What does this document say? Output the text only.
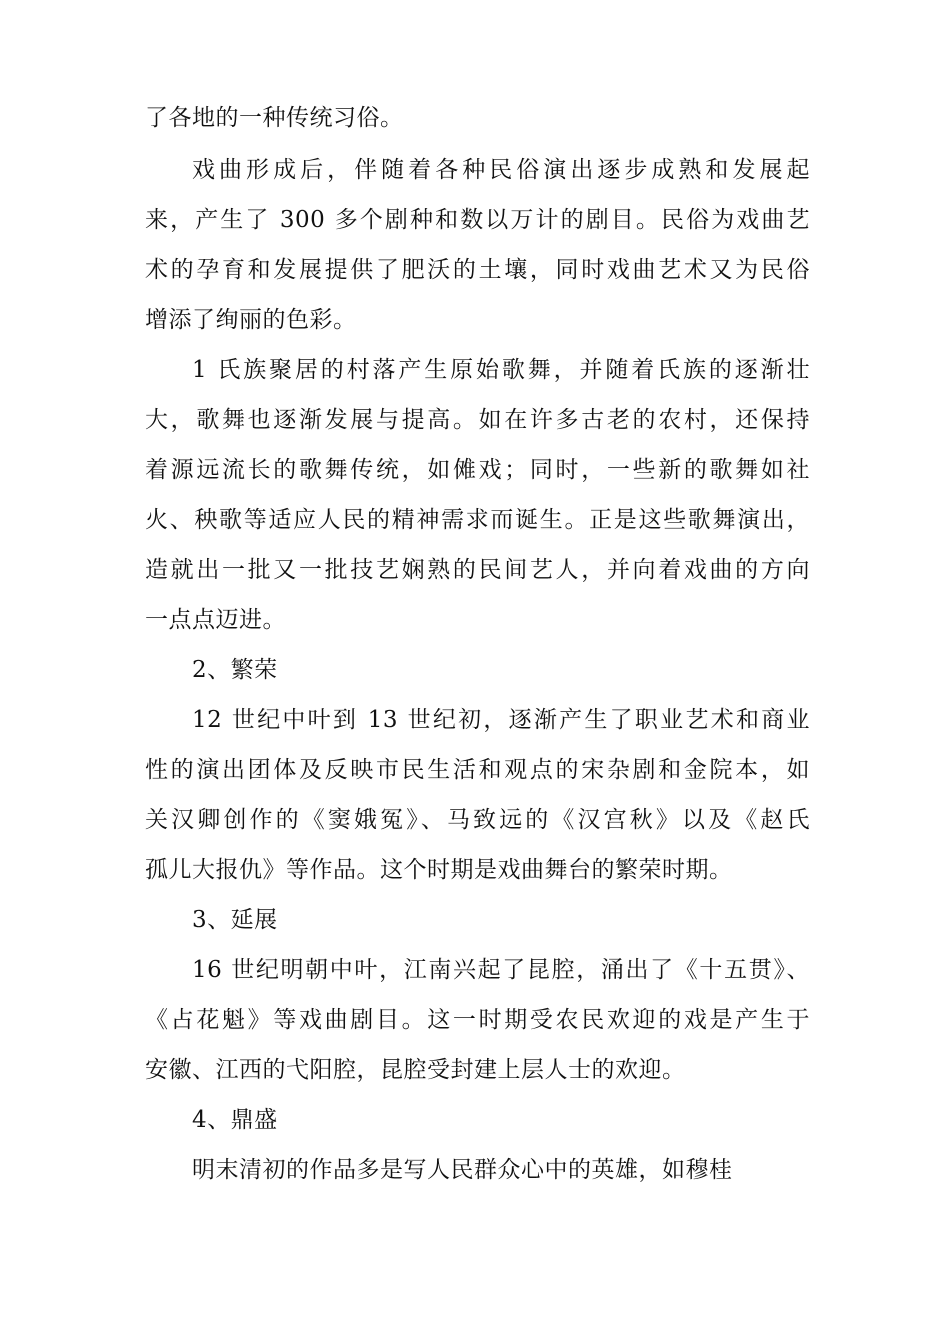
了各地的一种传统习俗。
戏曲形成后，伴随着各种民俗演出逐步成熟和发展起
来，产生了 300 多个剧种和数以万计的剧目。民俗为戏曲艺
术的孕育和发展提供了肥沃的土壤，同时戏曲艺术又为民俗
增添了绚丽的色彩。
1 氏族聚居的村落产生原始歌舞，并随着氏族的逐渐壮
大，歌舞也逐渐发展与提高。如在许多古老的农村，还保持
着源远流长的歌舞传统，如傩戏；同时，一些新的歌舞如社
火、秧歌等适应人民的精神需求而诞生。正是这些歌舞演出，
造就出一批又一批技艺娴熟的民间艺人，并向着戏曲的方向
一点点迈进。
2、繁荣
12 世纪中叶到 13 世纪初，逐渐产生了职业艺术和商业
性的演出团体及反映市民生活和观点的宋杂剧和金院本，如
关汉卿创作的《窦娥冤》、马致远的《汉宫秋》以及《赵氏
孤儿大报仇》等作品。这个时期是戏曲舞台的繁荣时期。
3、延展
16 世纪明朝中叶，江南兴起了昆腔，涌出了《十五贯》、
《占花魁》等戏曲剧目。这一时期受农民欢迎的戏是产生于
安徽、江西的弋阳腔，昆腔受封建上层人士的欢迎。
4、鼎盛
明末清初的作品多是写人民群众心中的英雄，如穆桂
